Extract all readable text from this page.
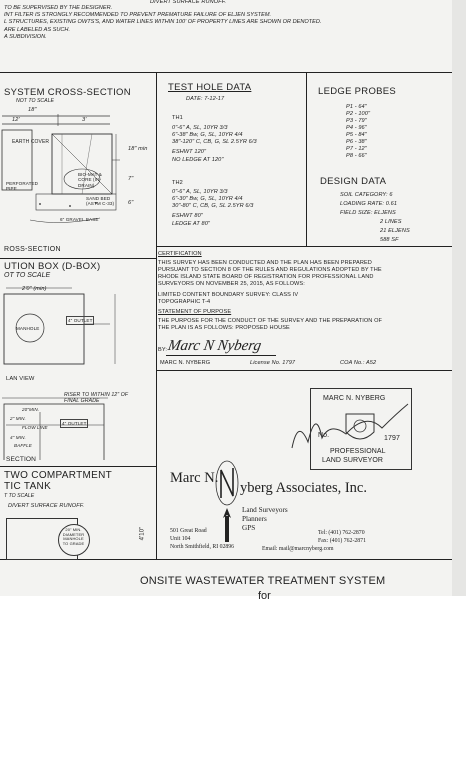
DIVERT SURFACE RUNOFF.
TO BE SUPERVISED BY THE DESIGNER.
INT FILTER IS STRONGLY RECOMMENDED TO PREVENT PREMATURE FAILURE OF ELJEN SYSTEM.
L STRUCTURES, EXISTING OWTS'S, AND WATER LINES WITHIN 100' OF PROPERTY LINES ARE SHOWN OR DENOTED.
ARE LABELED AS SUCH.
A SUBDIVISION.
SYSTEM CROSS-SECTION
NOT TO SCALE
18"
12'	3'
EARTH COVER
18" min
BIO-MAT & CORE (IN-DRAIN)
7"
PERFORATED PIPE
SAND BED (ASTM C-33)	6"
6" GRAVEL BASE
ROSS-SECTION
TEST HOLE DATA
DATE: 7-12-17
TH1
0"-6" A, SL, 10YR 3/3
6"-38" Bw, G, SL, 10YR 4/4
38"-120" C, CB, G, SL 2.5YR 6/3
ESHWT 120"
NO LEDGE AT 120"
TH2
0"-6" A, SL, 10YR 3/3
6"-30" Bw, G, SL, 10YR 4/4
30"-80" C, CB, G, SL 2.5YR 6/3
ESHWT 80"
LEDGE AT 80"
LEDGE PROBES
P1 - 64"
P2 - 100"
P3 - 79"
P4 - 96"
P5 - 84"
P6 - 38"
P7 - 12"
P8 - 66"
DESIGN DATA
SOIL CATEGORY: 6
LOADING RATE: 0.61
FIELD SIZE: ELJENS
2 LINES
21 ELJENS
588 SF
UTION BOX (D-BOX)
OT TO SCALE
2'0" (min)
MANHOLE
4" OUTLET
LAN VIEW
RISER TO WITHIN 12" OF FINAL GRADE
20"MIN.
2" MIN.
FLOW LINE
4" OUTLET
4" MIN.
BAFFLE
SECTION
TWO COMPARTMENT
TIC TANK
T TO SCALE
DIVERT SURFACE RUNOFF.
20" MIN. DIAMETER MANHOLE TO GRADE
4'10"
CERTIFICATION
THIS SURVEY HAS BEEN CONDUCTED AND THE PLAN HAS BEEN PREPARED
PURSUANT TO SECTION 8 OF THE RULES AND REGULATIONS ADOPTED BY THE
RHODE ISLAND STATE BOARD OF REGISTRATION FOR PROFESSIONAL LAND
SURVEYORS ON NOVEMBER 25, 2015, AS FOLLOWS:
LIMITED CONTENT BOUNDARY SURVEY: CLASS IV
TOPOGRAPHIC T-4
STATEMENT OF PURPOSE
THE PURPOSE FOR THE CONDUCT OF THE SURVEY AND THE PREPARATION OF
THE PLAN IS AS FOLLOWS: PROPOSED HOUSE
BY: Marc N Nyberg
MARC N. NYBERG	License No. 1797	COA No.: A52
MARC N. NYBERG
No.	1797
PROFESSIONAL
LAND SURVEYOR
Marc N.
yberg Associates, Inc.
Land Surveyors
Planners
GPS
501 Great Road
Unit 104
North Smithfield, RI 02896
Tel: (401) 762-2870
Fax: (401) 762-2871
Email: mail@marcnyberg.com
ONSITE WASTEWATER TREATMENT SYSTEM
for
